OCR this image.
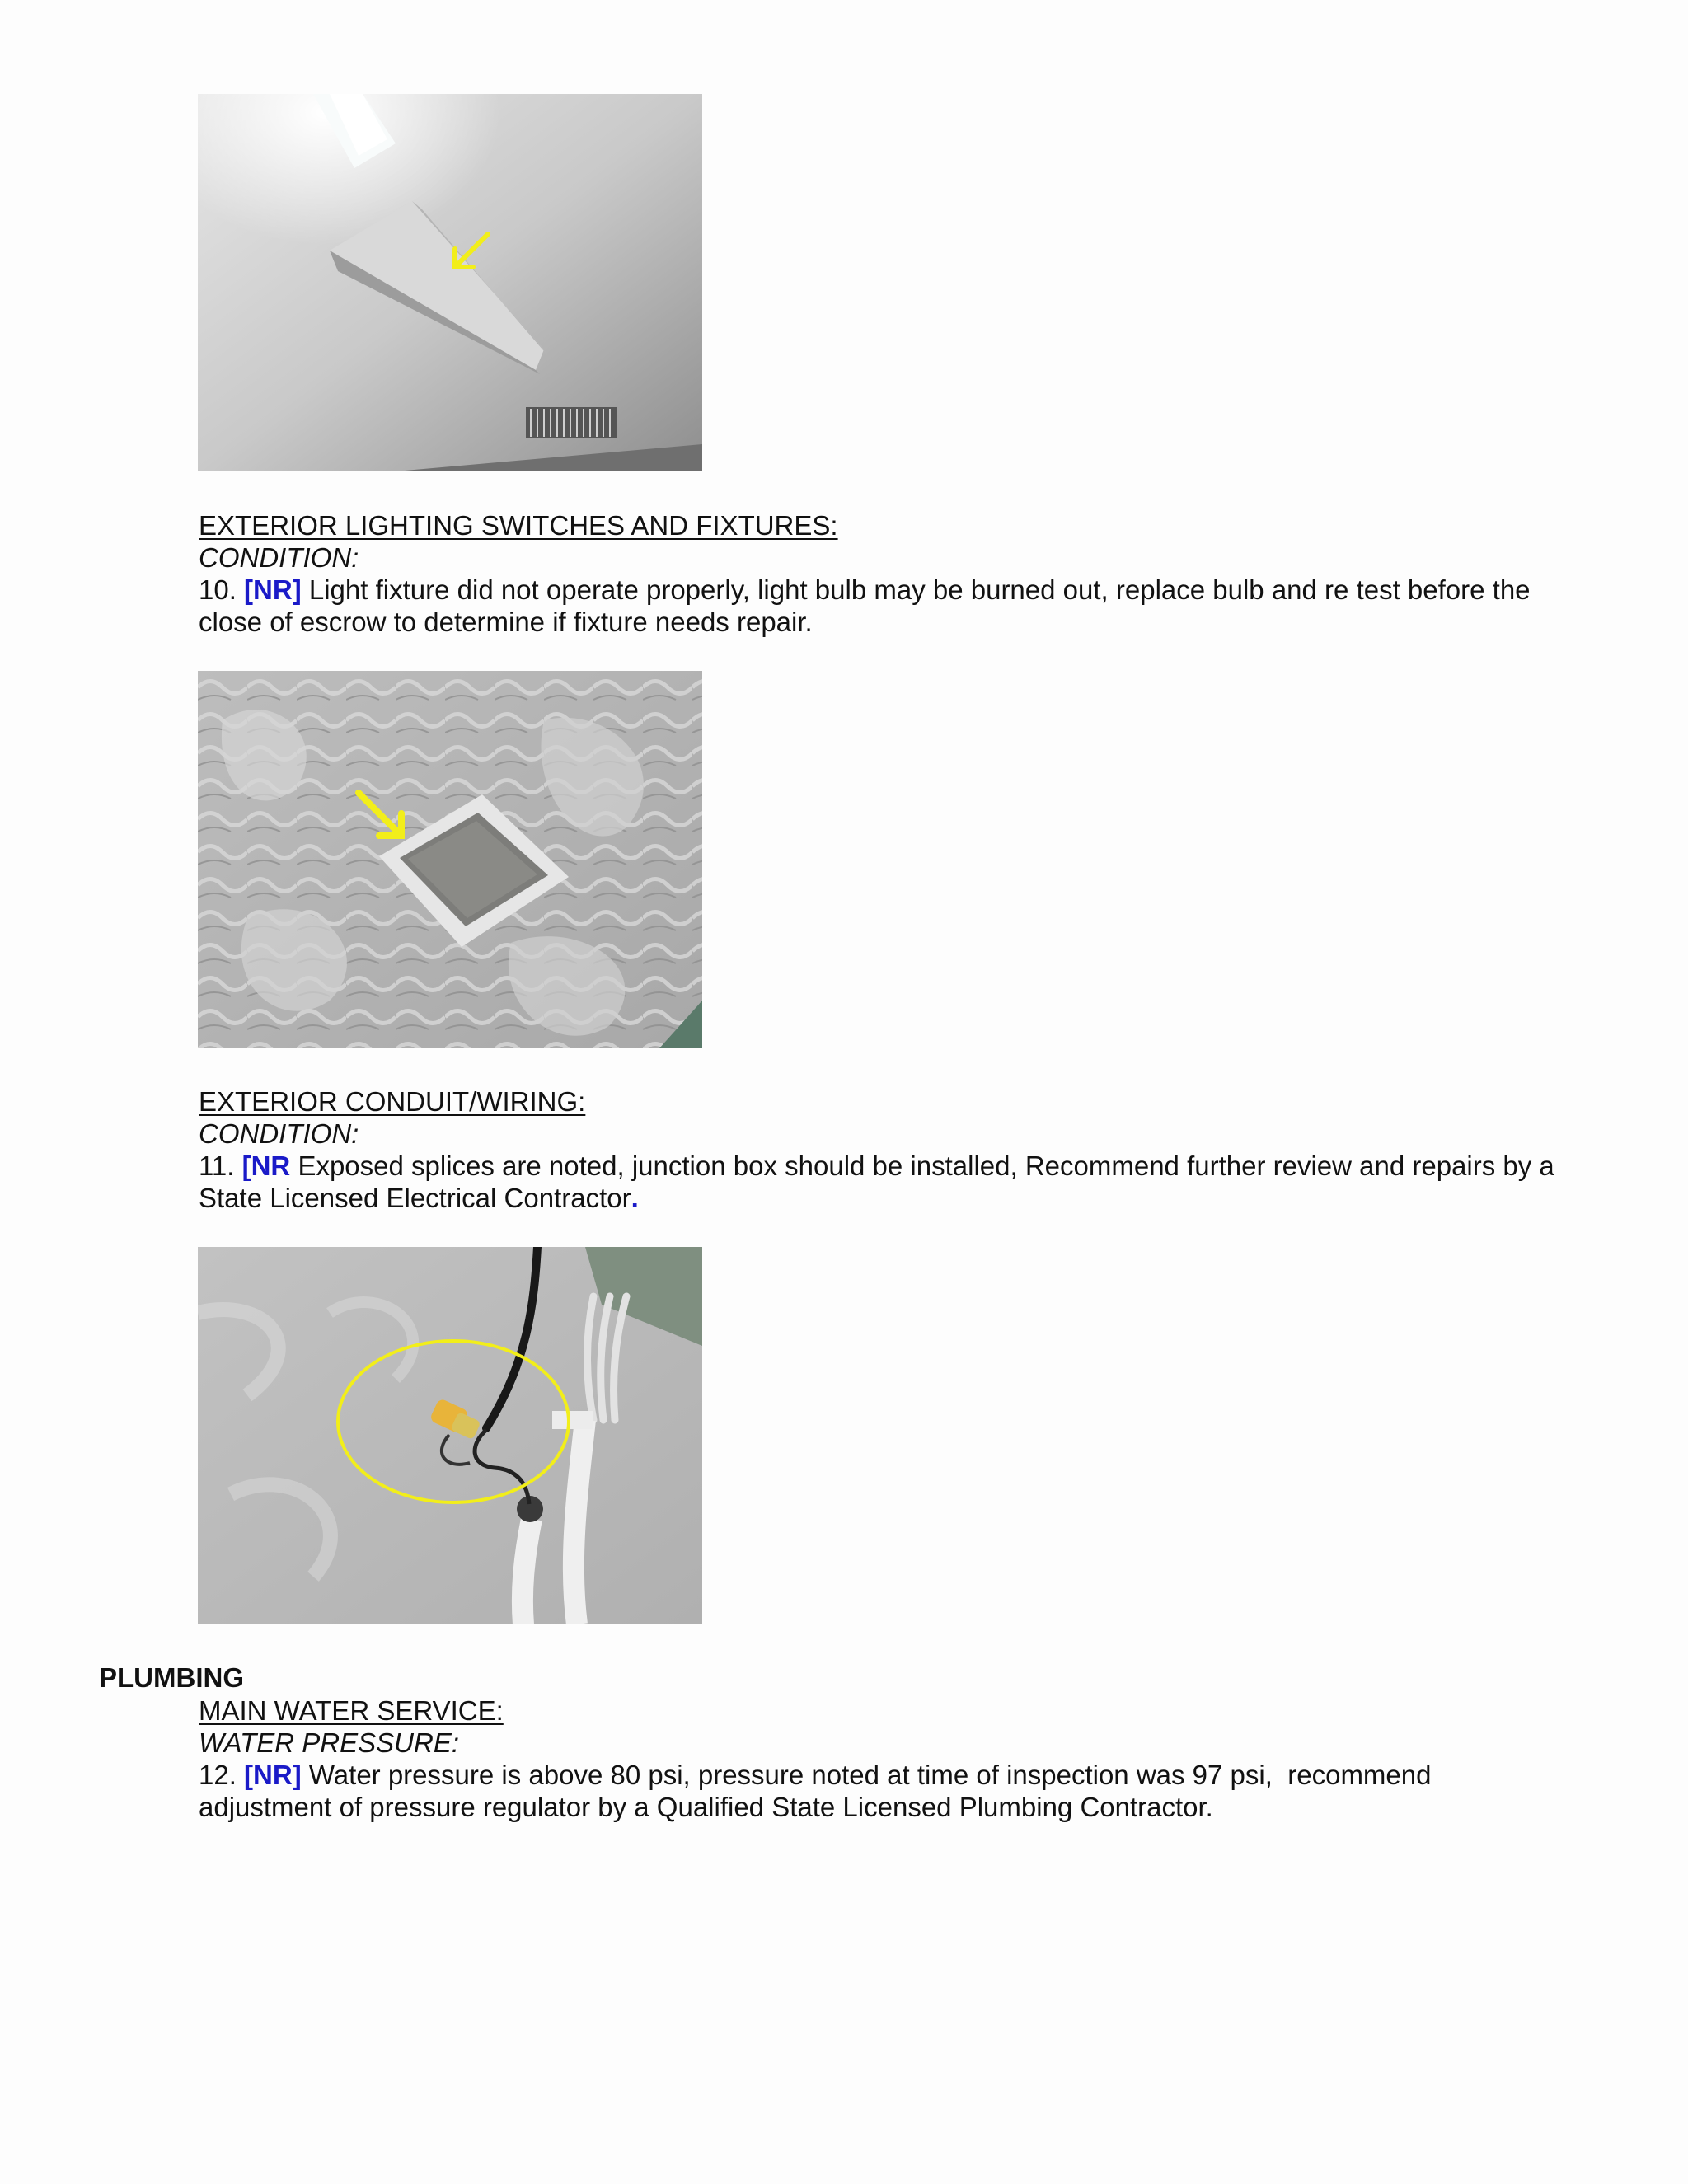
EXTERIOR LIGHTING SWITCHES AND FIXTURES:
CONDITION:
10. [NR] Light fixture did not operate properly, light bulb may be burned out, replace bulb and re test before the
close of escrow to determine if fixture needs repair.
EXTERIOR CONDUIT/WIRING:
CONDITION:
11. [NR Exposed splices are noted, junction box should be installed, Recommend further review and repairs by a
State Licensed Electrical Contractor.
PLUMBING
MAIN WATER SERVICE:
WATER PRESSURE:
12. [NR] Water pressure is above 80 psi, pressure noted at time of inspection was 97 psi,  recommend
adjustment of pressure regulator by a Qualified State Licensed Plumbing Contractor.
